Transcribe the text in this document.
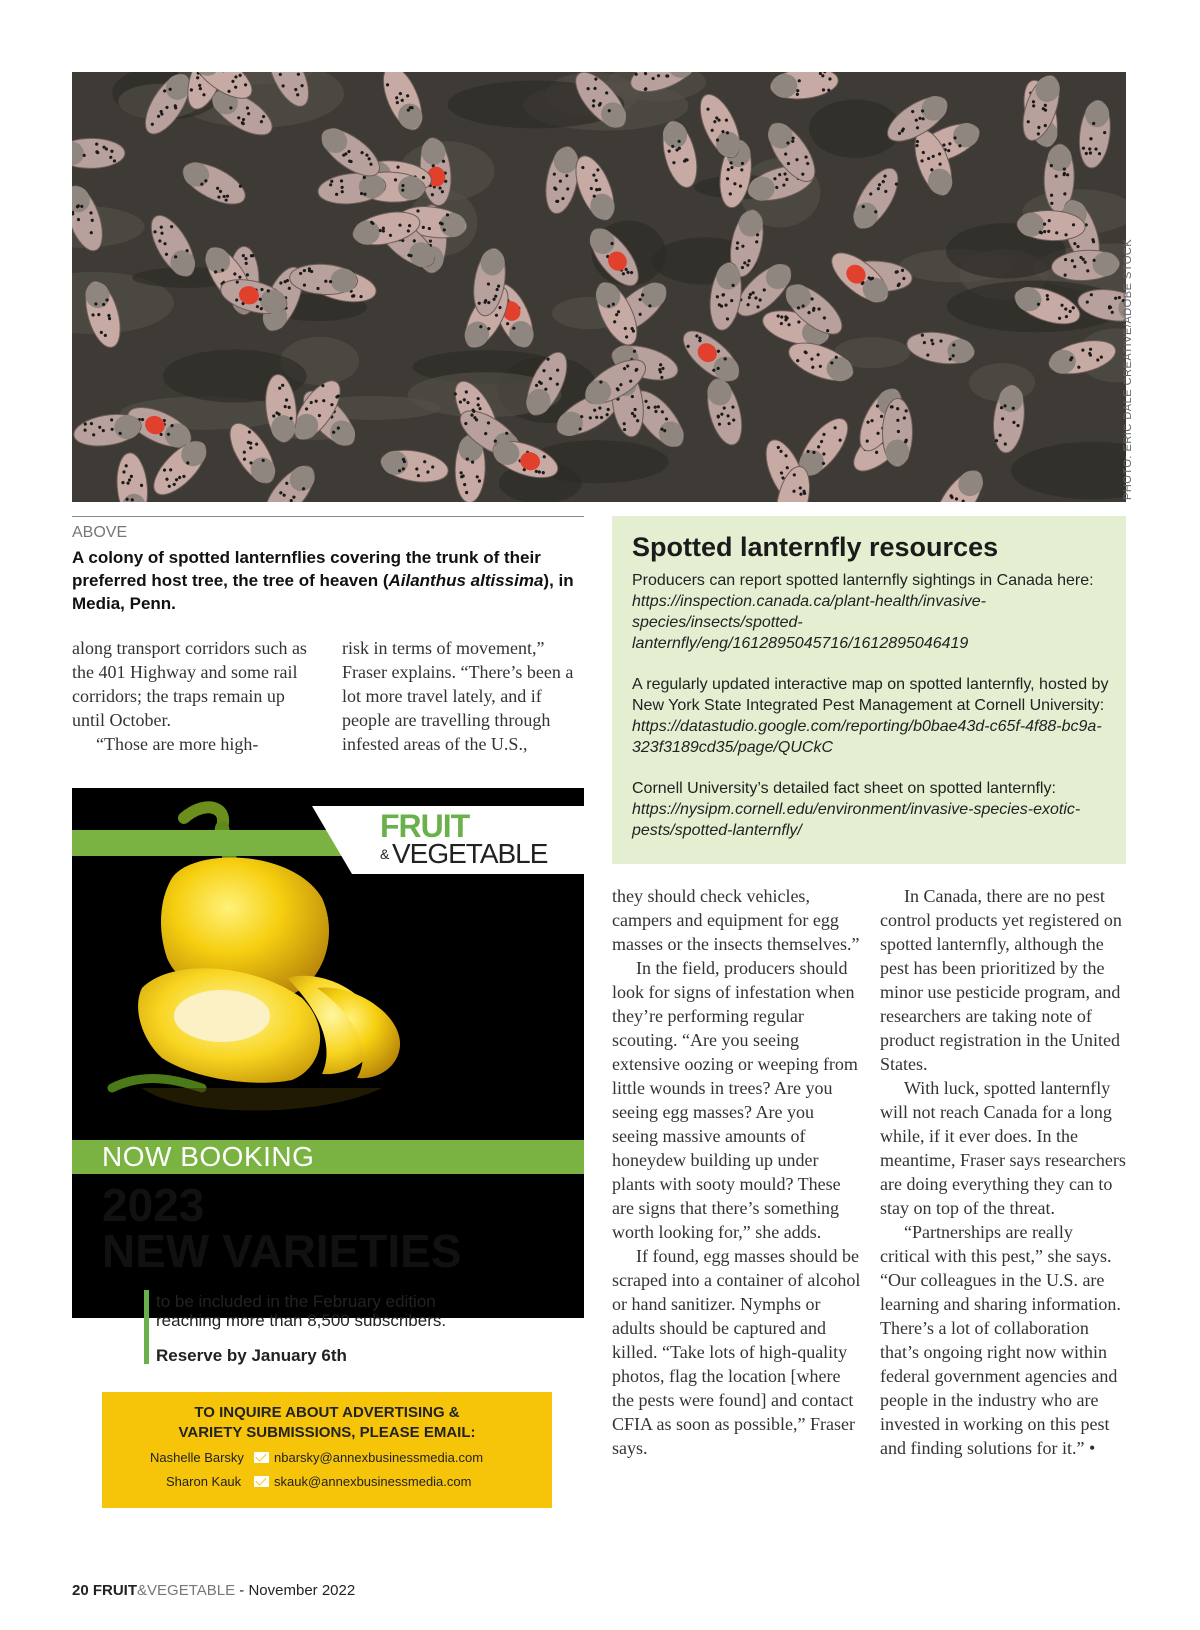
PHOTO: ERIC DALE CREATIVE/ADOBE STOCK
ABOVE
A colony of spotted lanternflies covering the trunk of their preferred host tree, the tree of heaven (Ailanthus altissima), in Media, Penn.

along transport corridors such as the 401 Highway and some rail corridors; the traps remain up until October.

“Those are more high-

risk in terms of movement,” Fraser explains. “There’s been a lot more travel lately, and if people are travelling through infested areas of the U.S.,

Spotted lanternfly resources
Producers can report spotted lanternfly sightings in Canada here: https://inspection.canada.ca/plant-health/invasive-species/insects/spotted-lanternfly/eng/1612895045716/1612895046419
A regularly updated interactive map on spotted lanternfly, hosted by New York State Integrated Pest Management at Cornell University: https://datastudio.google.com/reporting/b0bae43d-c65f-4f88-bc9a-323f3189cd35/page/QUCkC
Cornell University’s detailed fact sheet on spotted lanternfly: https://nysipm.cornell.edu/environment/invasive-species-exotic-pests/spotted-lanternfly/
FRUIT
& VEGETABLE
NOW BOOKING
2023
NEW VARIETIES
to be included in the February edition
reaching more than 8,500 subscribers.
Reserve by January 6th
TO INQUIRE ABOUT ADVERTISING &
VARIETY SUBMISSIONS, PLEASE EMAIL:
Nashelle Barsky nbarsky@annexbusinessmedia.com
Sharon Kauk	skauk@annexbusinessmedia.com

they should check vehicles, campers and equipment for egg masses or the insects themselves.”

In the field, producers should look for signs of infestation when they’re performing regular scouting. “Are you seeing extensive oozing or weeping from little wounds in trees? Are you seeing egg masses? Are you seeing massive amounts of honeydew building up under plants with sooty mould? These are signs that there’s something worth looking for,” she adds.

If found, egg masses should be scraped into a container of alcohol or hand sanitizer. Nymphs or adults should be captured and killed. “Take lots of high-quality photos, flag the location [where the pests were found] and contact CFIA as soon as possible,” Fraser says.

In Canada, there are no pest control products yet registered on spotted lanternfly, although the pest has been prioritized by the minor use pesticide program, and researchers are taking note of product registration in the United States.

With luck, spotted lanternfly will not reach Canada for a long while, if it ever does. In the meantime, Fraser says researchers are doing everything they can to stay on top of the threat.

“Partnerships are really critical with this pest,” she says. “Our colleagues in the U.S. are learning and sharing information. There’s a lot of collaboration that’s ongoing right now within federal government agencies and people in the industry who are invested in working on this pest and finding solutions for it.” •

20 FRUIT&VEGETABLE - November 2022
